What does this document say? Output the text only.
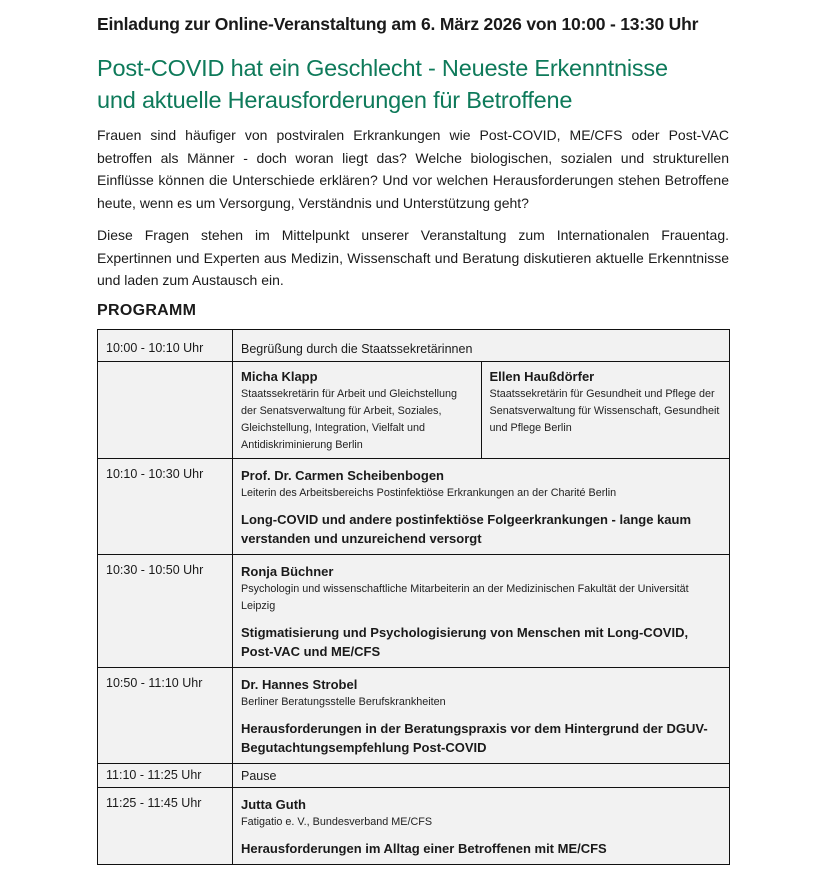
Einladung zur Online-Veranstaltung am 6. März 2026 von 10:00 - 13:30 Uhr
Post-COVID hat ein Geschlecht - Neueste Erkenntnisse
und aktuelle Herausforderungen für Betroffene
Frauen sind häufiger von postviralen Erkrankungen wie Post-COVID, ME/CFS oder Post-VAC betroffen als Männer - doch woran liegt das? Welche biologischen, sozialen und strukturellen Einflüsse können die Unterschiede erklären? Und vor welchen Herausforderungen stehen Betroffene heute, wenn es um Versorgung, Verständnis und Unterstützung geht?
Diese Fragen stehen im Mittelpunkt unserer Veranstaltung zum Internationalen Frauentag. Expertinnen und Experten aus Medizin, Wissenschaft und Beratung diskutieren aktuelle Erkenntnisse und laden zum Austausch ein.
PROGRAMM
10:00 - 10:10 Uhr	Begrüßung durch die Staatssekretärinnen

	Micha Klapp
Staatssekretärin für Arbeit und Gleichstellung der Senatsverwaltung für Arbeit, Soziales, Gleichstellung, Integration, Vielfalt und Antidiskriminierung Berlin
Ellen Haußdörfer
Staatssekretärin für Gesundheit und Pflege der Senatsverwaltung für Wissenschaft, Gesundheit und Pflege Berlin

10:10 - 10:30 Uhr	Prof. Dr. Carmen Scheibenbogen
Leiterin des Arbeitsbereichs Postinfektiöse Erkrankungen an der Charité Berlin
Long-COVID und andere postinfektiöse Folgeerkrankungen - lange kaum verstanden und unzureichend versorgt

10:30 - 10:50 Uhr	Ronja Büchner
Psychologin und wissenschaftliche Mitarbeiterin an der Medizinischen Fakultät der Universität Leipzig
Stigmatisierung und Psychologisierung von Menschen mit Long-COVID, Post-VAC und ME/CFS

10:50 - 11:10 Uhr	Dr. Hannes Strobel
Berliner Beratungsstelle Berufskrankheiten
Herausforderungen in der Beratungspraxis vor dem Hintergrund der DGUV-Begutachtungsempfehlung Post-COVID

11:10 - 11:25 Uhr	Pause
11:25 - 11:45 Uhr	Jutta Guth
Fatigatio e. V., Bundesverband ME/CFS
Herausforderungen im Alltag einer Betroffenen mit ME/CFS
